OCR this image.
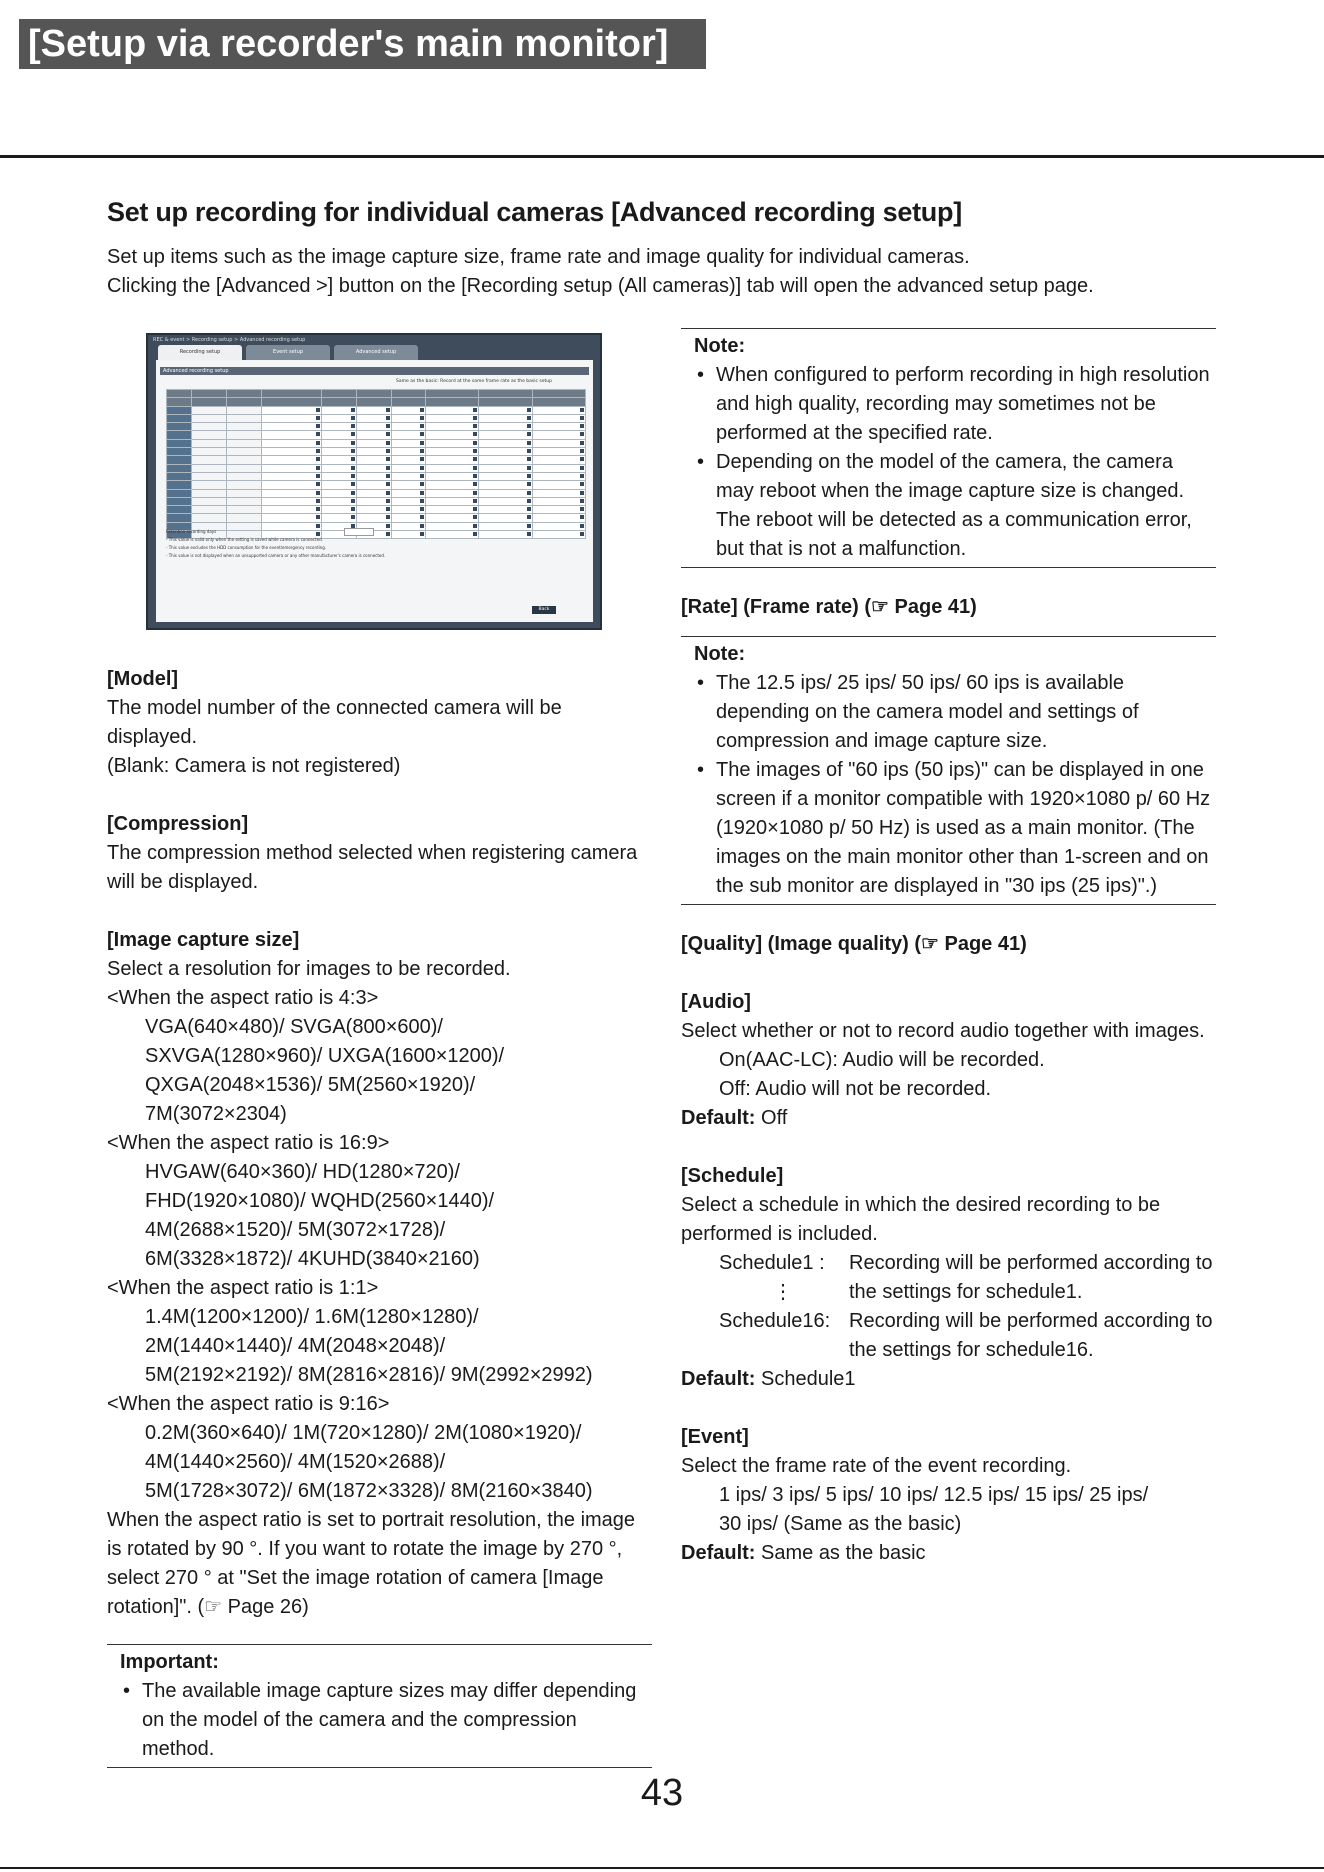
[Setup via recorder's main monitor]
Set up recording for individual cameras [Advanced recording setup]

Set up items such as the image capture size, frame rate and image quality for individual cameras.

Clicking the [Advanced >] button on the [Recording setup (All cameras)] tab will open the advanced setup page.

REC & event > Recording setup > Advanced recording setup
Recording setup	Event setup	Advanced setup
Advanced recording setup
Same as the basic: Record at the same frame rate as the basic setup

Retention recording days
- This value is valid only when the setting is saved while camera is connected.
- This value excludes the HDD consumption for the event/emergency recording.
- This value is not displayed when an unsupported camera or any other manufacturer's camera is connected.
Back

[Model]

The model number of the connected camera will be displayed.

(Blank: Camera is not registered)

[Compression]

The compression method selected when registering camera will be displayed.

[Image capture size]

Select a resolution for images to be recorded.

<When the aspect ratio is 4:3>

VGA(640×480)/ SVGA(800×600)/

SXVGA(1280×960)/ UXGA(1600×1200)/

QXGA(2048×1536)/ 5M(2560×1920)/

7M(3072×2304)

<When the aspect ratio is 16:9>

HVGAW(640×360)/ HD(1280×720)/

FHD(1920×1080)/ WQHD(2560×1440)/

4M(2688×1520)/ 5M(3072×1728)/

6M(3328×1872)/ 4KUHD(3840×2160)

<When the aspect ratio is 1:1>

1.4M(1200×1200)/ 1.6M(1280×1280)/

2M(1440×1440)/ 4M(2048×2048)/

5M(2192×2192)/ 8M(2816×2816)/ 9M(2992×2992)

<When the aspect ratio is 9:16>

0.2M(360×640)/ 1M(720×1280)/ 2M(1080×1920)/

4M(1440×2560)/ 4M(1520×2688)/

5M(1728×3072)/ 6M(1872×3328)/ 8M(2160×3840)

When the aspect ratio is set to portrait resolution, the image is rotated by 90 °. If you want to rotate the image by 270 °, select 270 ° at "Set the image rotation of camera [Image rotation]". (☞ Page 26)

Important:

• The available image capture sizes may differ depending on the model of the camera and the compression method.

Note:

• When configured to perform recording in high resolution and high quality, recording may sometimes not be performed at the specified rate.
• Depending on the model of the camera, the camera may reboot when the image capture size is changed. The reboot will be detected as a communication error, but that is not a malfunction.

[Rate] (Frame rate) (☞ Page 41)

Note:

• The 12.5 ips/ 25 ips/ 50 ips/ 60 ips is available depending on the camera model and settings of compression and image capture size.
• The images of "60 ips (50 ips)" can be displayed in one screen if a monitor compatible with 1920×1080 p/ 60 Hz (1920×1080 p/ 50 Hz) is used as a main monitor. (The images on the main monitor other than 1-screen and on the sub monitor are displayed in "30 ips (25 ips)".)

[Quality] (Image quality) (☞ Page 41)

[Audio]

Select whether or not to record audio together with images.

On(AAC-LC): Audio will be recorded.

Off: Audio will not be recorded.

Default: Off

[Schedule]

Select a schedule in which the desired recording to be performed is included.

Schedule1 :	Recording will be performed according to the settings for schedule1.
⋮
Schedule16: Recording will be performed according to the settings for schedule16.

Default: Schedule1

[Event]

Select the frame rate of the event recording.

1 ips/ 3 ips/ 5 ips/ 10 ips/ 12.5 ips/ 15 ips/ 25 ips/

30 ips/ (Same as the basic)

Default: Same as the basic

43
